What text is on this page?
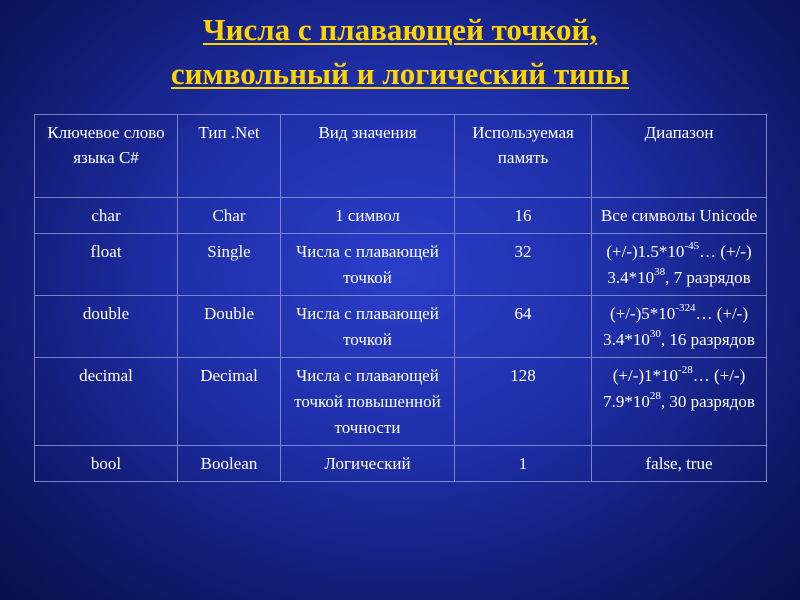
Числа с плавающей точкой,
символьный и логический типы
Ключевое слово языка С#	Тип .Net	Вид значения	Используемая память	Диапазон
char	Char	1 символ	16	Все символы Unicode
float	Single	Числа с плавающей точкой	32	$(+/-)1.5*10^{-45}\dots$ (+/-) $3.4*10^{38}$, 7 разрядов
double	Double	Числа с плавающей точкой	64	$(+/-)5*10^{-324}\dots$ (+/-) $3.4*10^{30}$, 16 разрядов
decimal	Decimal	Числа с плавающей точкой повышенной точности	128	$(+/-)1*10^{-28}\dots$ (+/-) $7.9*10^{28}$, 30 разрядов
bool	Boolean	Логический	1	false, true
